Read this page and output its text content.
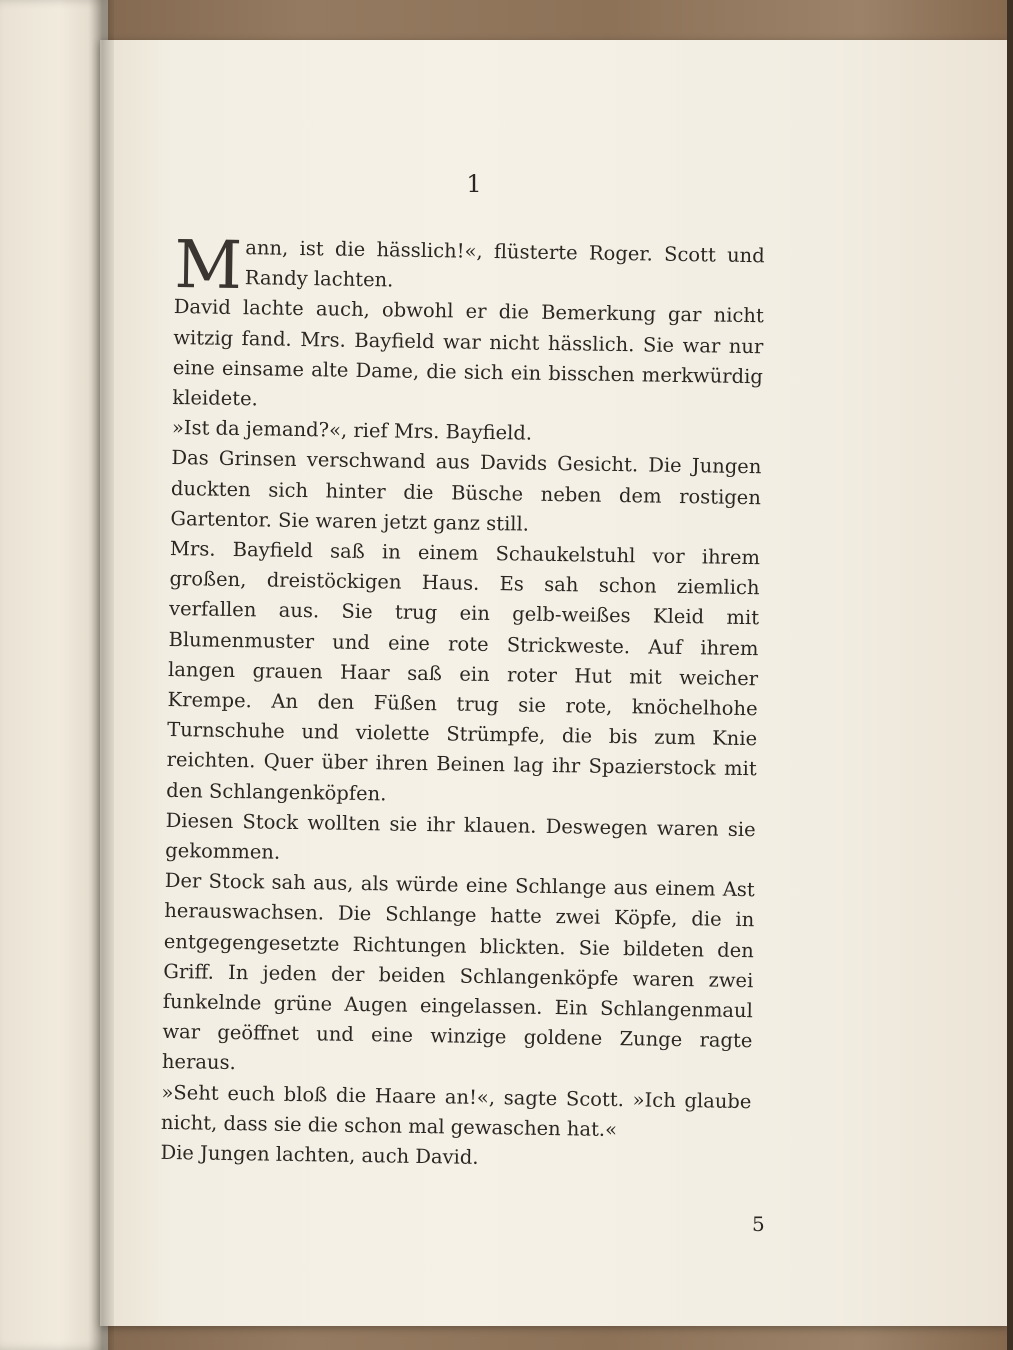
1

Mann, ist die hässlich!«, flüsterte Roger. Scott und Randy lachten.

David lachte auch, obwohl er die Bemerkung gar nicht witzig fand. Mrs. Bayfield war nicht hässlich. Sie war nur eine einsame alte Dame, die sich ein bisschen merkwürdig kleidete.

»Ist da jemand?«, rief Mrs. Bayfield.

Das Grinsen verschwand aus Davids Gesicht. Die Jungen duckten sich hinter die Büsche neben dem rostigen Gartentor. Sie waren jetzt ganz still.

Mrs. Bayfield saß in einem Schaukelstuhl vor ihrem großen, dreistöckigen Haus. Es sah schon ziemlich verfallen aus. Sie trug ein gelb-weißes Kleid mit Blumenmuster und eine rote Strickweste. Auf ihrem langen grauen Haar saß ein roter Hut mit weicher Krempe. An den Füßen trug sie rote, knöchelhohe Turnschuhe und violette Strümpfe, die bis zum Knie reichten. Quer über ihren Beinen lag ihr Spazierstock mit den Schlangenköpfen.

Diesen Stock wollten sie ihr klauen. Deswegen waren sie gekommen.

Der Stock sah aus, als würde eine Schlange aus einem Ast herauswachsen. Die Schlange hatte zwei Köpfe, die in entgegengesetzte Richtungen blickten. Sie bildeten den Griff. In jeden der beiden Schlangenköpfe waren zwei funkelnde grüne Augen eingelassen. Ein Schlangenmaul war geöffnet und eine winzige goldene Zunge ragte heraus.

»Seht euch bloß die Haare an!«, sagte Scott. »Ich glaube nicht, dass sie die schon mal gewaschen hat.«

Die Jungen lachten, auch David.

5
